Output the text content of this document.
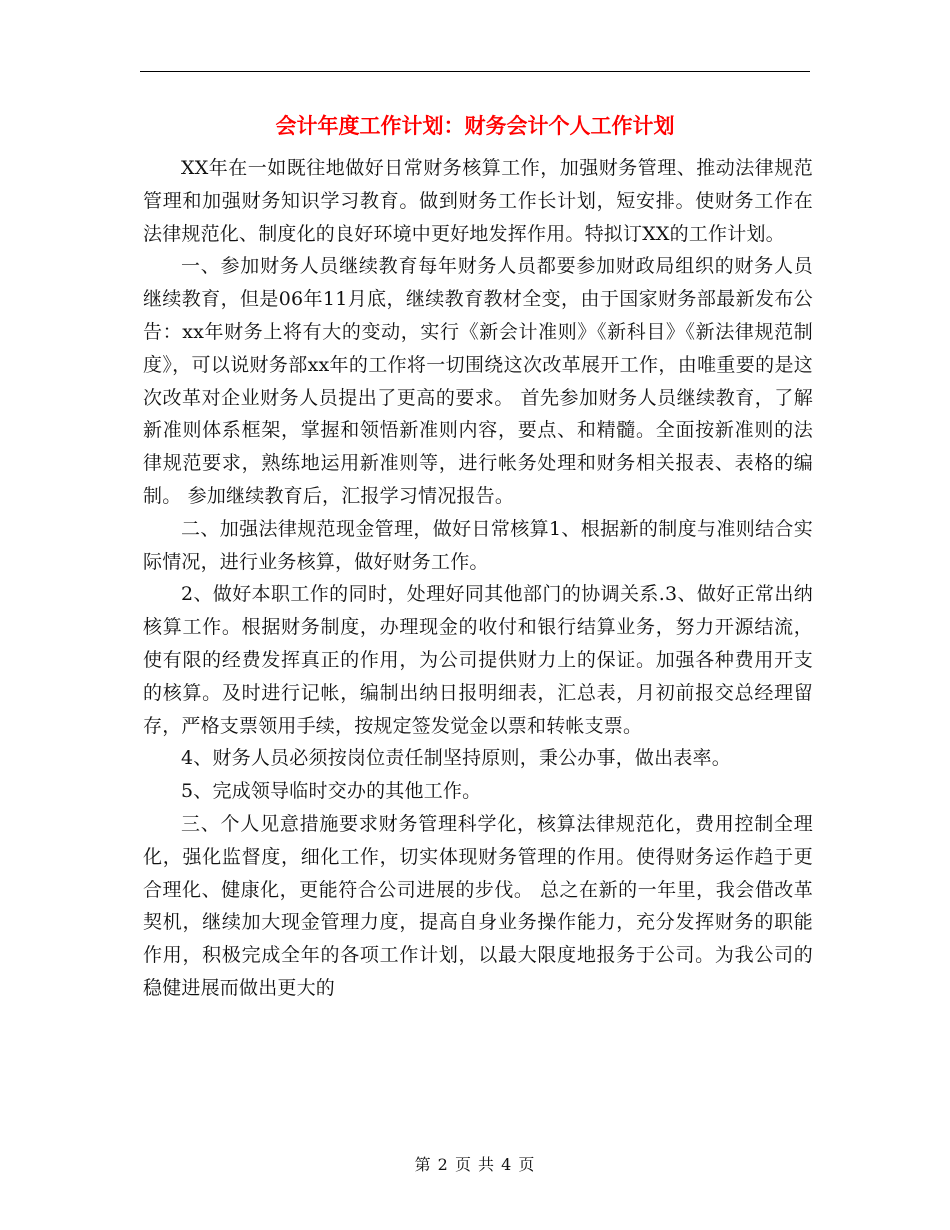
会计年度工作计划：财务会计个人工作计划

XX年在一如既往地做好日常财务核算工作，加强财务管理、推动法律规范管理和加强财务知识学习教育。做到财务工作长计划，短安排。使财务工作在法律规范化、制度化的良好环境中更好地发挥作用。特拟订XX的工作计划。

一、参加财务人员继续教育每年财务人员都要参加财政局组织的财务人员继续教育，但是06年11月底，继续教育教材全变，由于国家财务部最新发布公告：xx年财务上将有大的变动，实行《新会计准则》《新科目》《新法律规范制度》，可以说财务部xx年的工作将一切围绕这次改革展开工作，由唯重要的是这次改革对企业财务人员提出了更高的要求。 首先参加财务人员继续教育，了解新准则体系框架，掌握和领悟新准则内容，要点、和精髓。全面按新准则的法律规范要求，熟练地运用新准则等，进行帐务处理和财务相关报表、表格的编制。 参加继续教育后，汇报学习情况报告。

二、加强法律规范现金管理，做好日常核算1、根据新的制度与准则结合实际情况，进行业务核算，做好财务工作。

2、做好本职工作的同时，处理好同其他部门的协调关系.3、做好正常出纳核算工作。根据财务制度，办理现金的收付和银行结算业务，努力开源结流，使有限的经费发挥真正的作用，为公司提供财力上的保证。加强各种费用开支的核算。及时进行记帐，编制出纳日报明细表，汇总表，月初前报交总经理留存，严格支票领用手续，按规定签发觉金以票和转帐支票。

4、财务人员必须按岗位责任制坚持原则，秉公办事，做出表率。

5、完成领导临时交办的其他工作。

三、个人见意措施要求财务管理科学化，核算法律规范化，费用控制全理化，强化监督度，细化工作，切实体现财务管理的作用。使得财务运作趋于更合理化、健康化，更能符合公司进展的步伐。 总之在新的一年里，我会借改革契机，继续加大现金管理力度，提高自身业务操作能力，充分发挥财务的职能作用，积极完成全年的各项工作计划，以最大限度地报务于公司。为我公司的稳健进展而做出更大的

第 2 页 共 4 页
